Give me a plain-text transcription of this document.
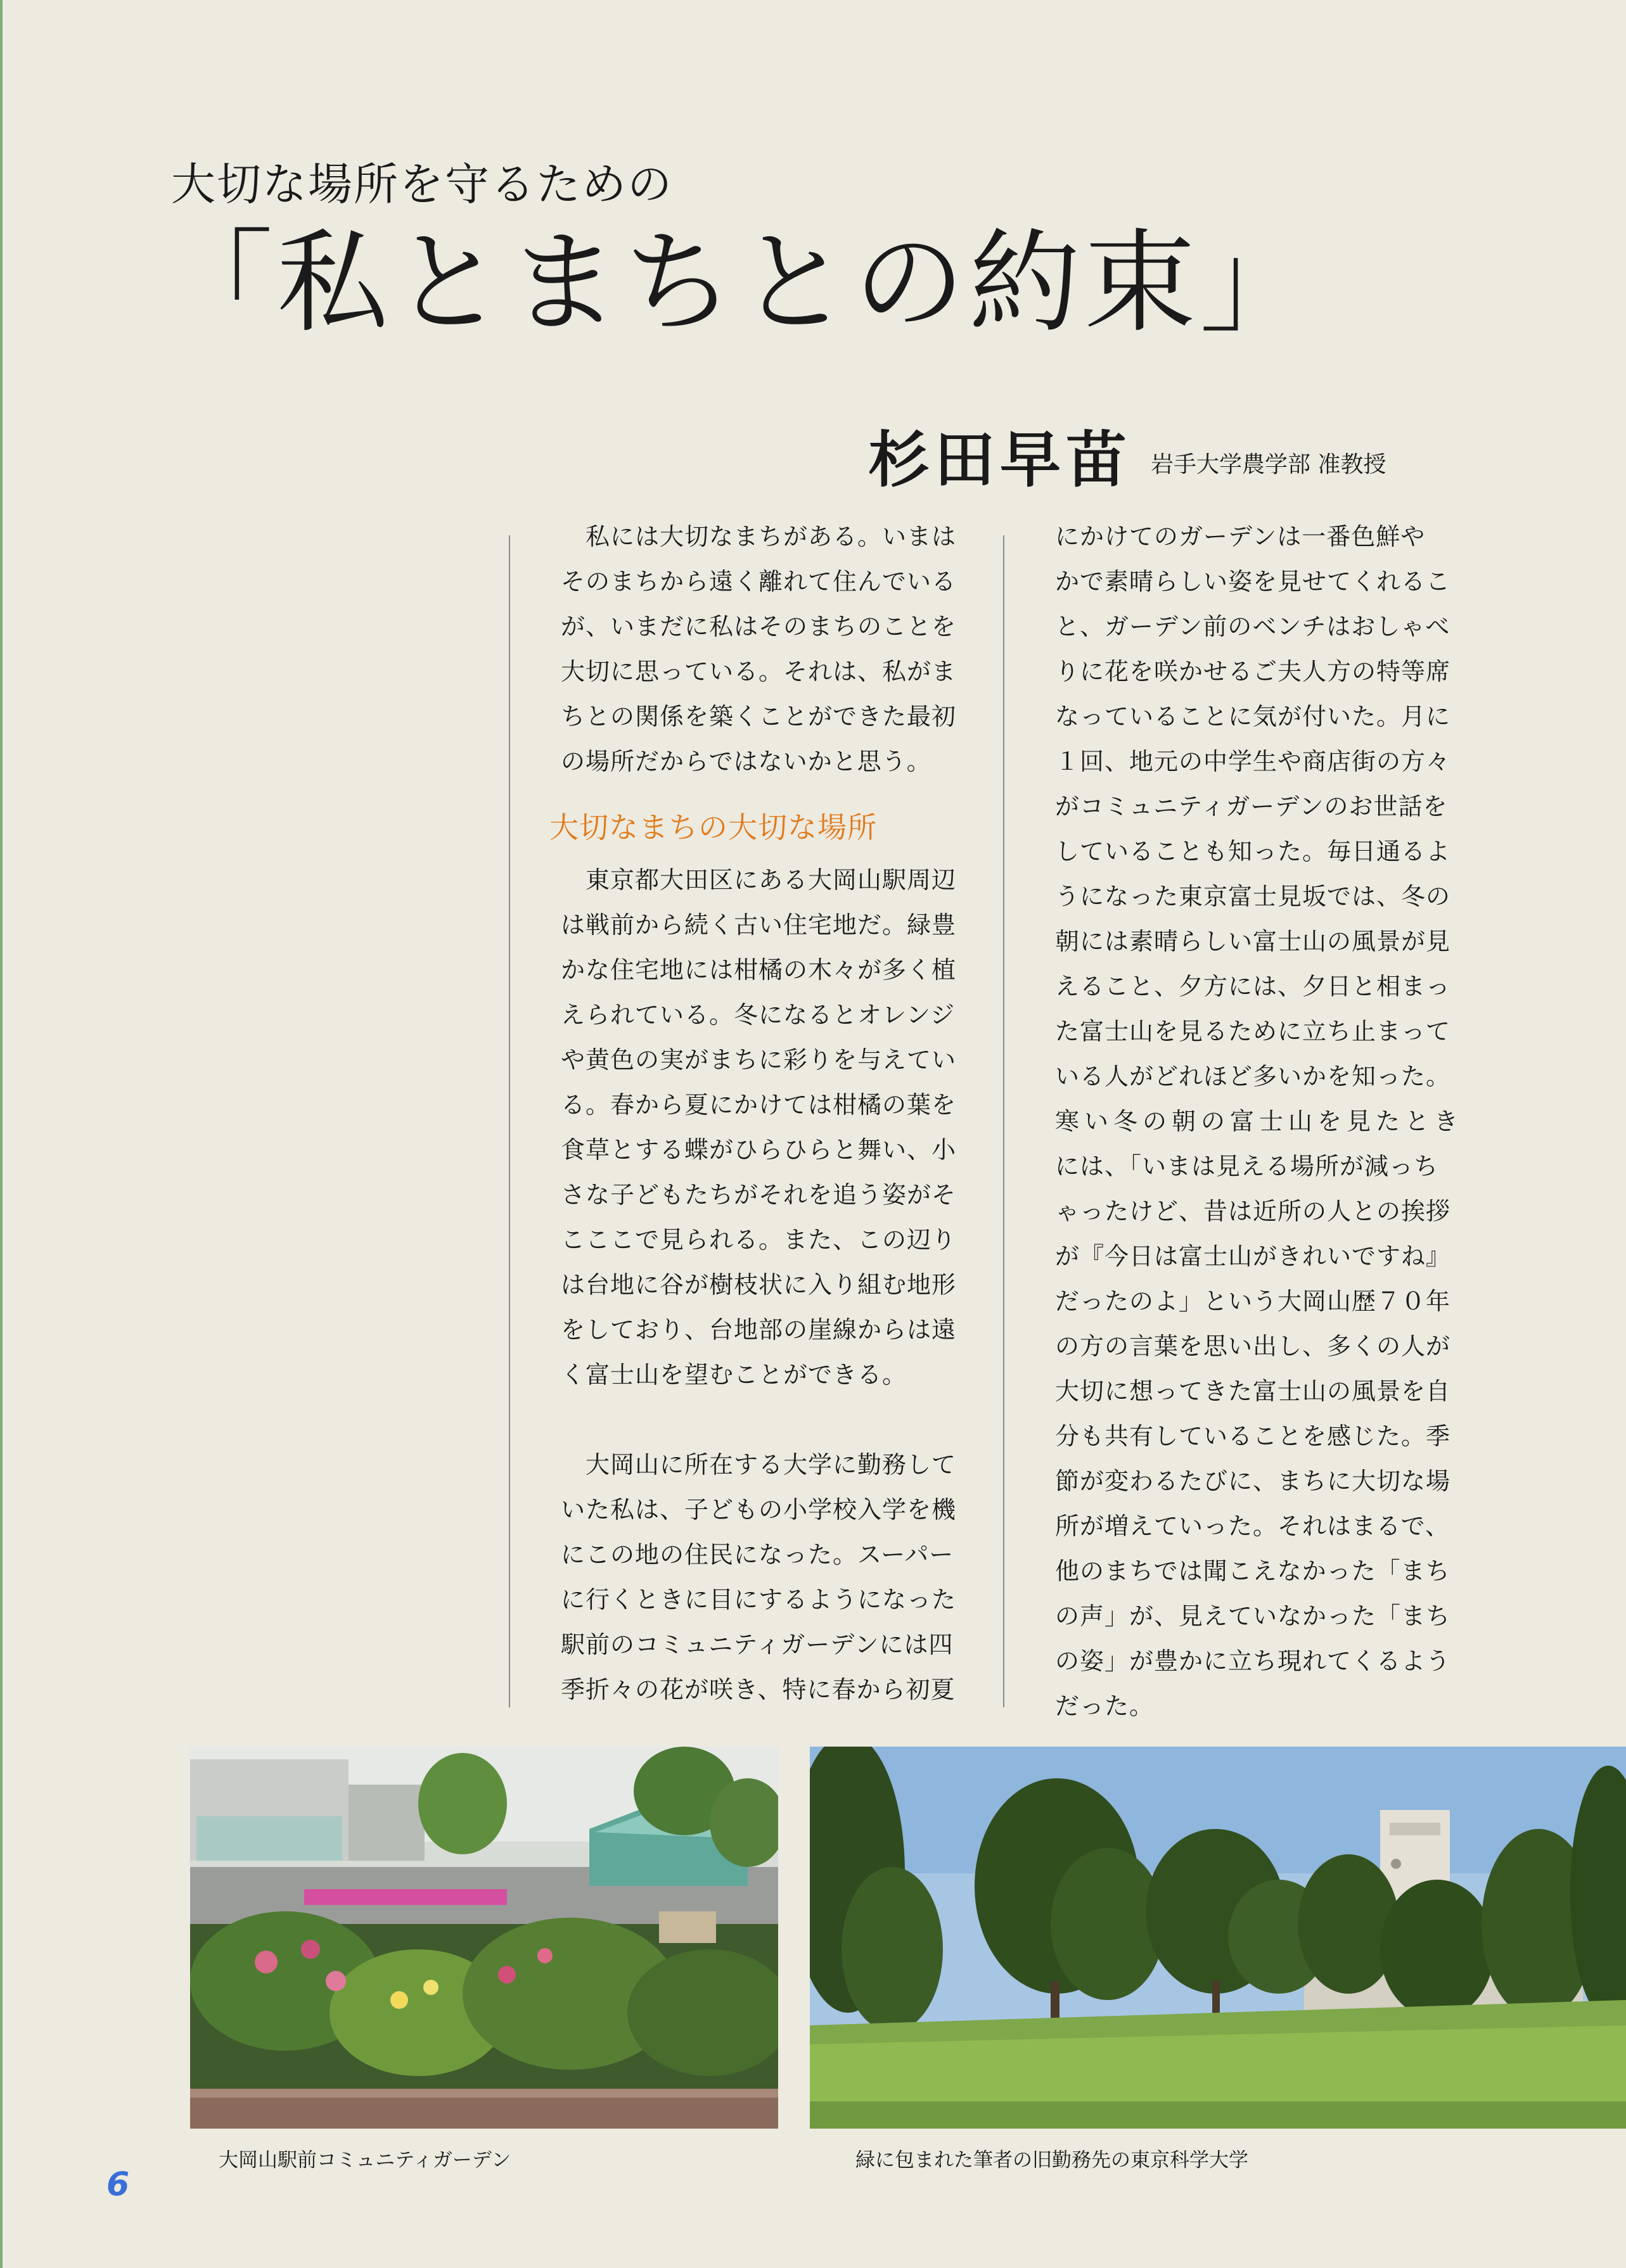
大切な場所を守るための
「私とまちとの約束」
杉田早苗 岩手大学農学部 准教授

　私には大切なまちがある。いまは

そのまちから遠く離れて住んでいる

が、いまだに私はそのまちのことを

大切に思っている。それは、私がま

ちとの関係を築くことができた最初

の場所だからではないかと思う。

大切なまちの大切な場所

　東京都大田区にある大岡山駅周辺

は戦前から続く古い住宅地だ。緑豊

かな住宅地には柑橘の木々が多く植

えられている。冬になるとオレンジ

や黄色の実がまちに彩りを与えてい

る。春から夏にかけては柑橘の葉を

食草とする蝶がひらひらと舞い、小

さな子どもたちがそれを追う姿がそ

こここで見られる。また、この辺り

は台地に谷が樹枝状に入り組む地形

をしており、台地部の崖線からは遠

く富士山を望むことができる。

　大岡山に所在する大学に勤務して

いた私は、子どもの小学校入学を機

にこの地の住民になった。スーパー

に行くときに目にするようになった

駅前のコミュニティガーデンには四

季折々の花が咲き、特に春から初夏

にかけてのガーデンは一番色鮮や

かで素晴らしい姿を見せてくれるこ

と、ガーデン前のベンチはおしゃべ

りに花を咲かせるご夫人方の特等席

なっていることに気が付いた。月に

１回、地元の中学生や商店街の方々

がコミュニティガーデンのお世話を

していることも知った。毎日通るよ

うになった東京富士見坂では、冬の

朝には素晴らしい富士山の風景が見

えること、夕方には、夕日と相まっ

た富士山を見るために立ち止まって

いる人がどれほど多いかを知った。

寒い冬の朝の富士山を見たとき

には、「いまは見える場所が減っち

ゃったけど、昔は近所の人との挨拶

が『今日は富士山がきれいですね』

だったのよ」という大岡山歴７０年

の方の言葉を思い出し、多くの人が

大切に想ってきた富士山の風景を自

分も共有していることを感じた。季

節が変わるたびに、まちに大切な場

所が増えていった。それはまるで、

他のまちでは聞こえなかった「まち

の声」が、見えていなかった「まち

の姿」が豊かに立ち現れてくるよう

だった。

大岡山駅前コミュニティガーデン	緑に包まれた筆者の旧勤務先の東京科学大学
6
